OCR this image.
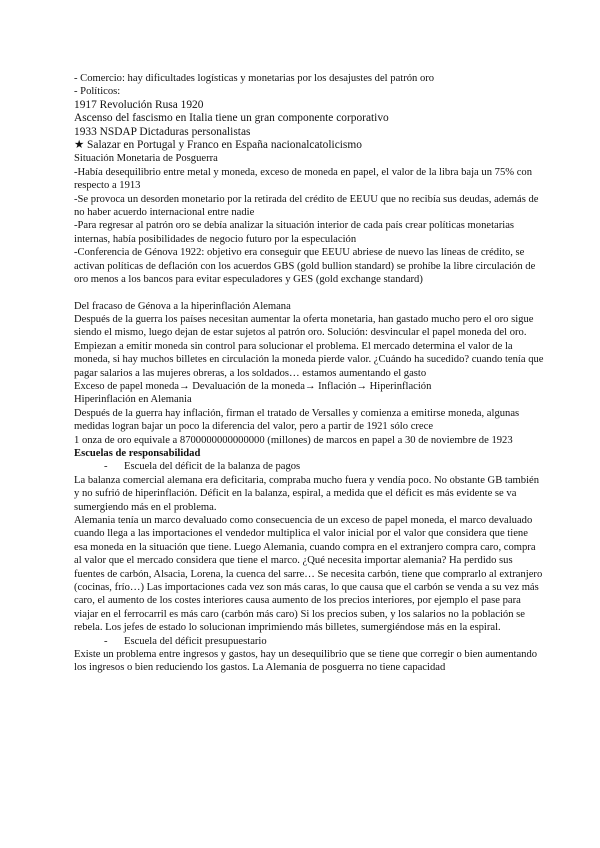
- Comercio: hay dificultades logísticas y monetarias por los desajustes del patrón oro

- Políticos:

1917 Revolución Rusa 1920

Ascenso del fascismo en Italia tiene un gran componente corporativo

1933 NSDAP Dictaduras personalistas

★ Salazar en Portugal y Franco en España nacionalcatolicismo

Situación Monetaria de Posguerra

-Había desequilibrio entre metal y moneda, exceso de moneda en papel, el valor de la libra baja un 75% con respecto a 1913

-Se provoca un desorden monetario por la retirada del crédito de EEUU que no recibía sus deudas, además de no haber acuerdo internacional entre nadie

-Para regresar al patrón oro se debía analizar la situación interior de cada país crear políticas monetarias internas, había posibilidades de negocio futuro por la especulación

-Conferencia de Génova 1922: objetivo era conseguir que EEUU abriese de nuevo las líneas de crédito, se activan políticas de deflación con los acuerdos GBS (gold bullion standard) se prohíbe la libre circulación de oro menos a los bancos para evitar especuladores y GES (gold exchange standard)

Del fracaso de Génova a la hiperinflación Alemana

Después de la guerra los países necesitan aumentar la oferta monetaria, han gastado mucho pero el oro sigue siendo el mismo, luego dejan de estar sujetos al patrón oro. Solución: desvincular el papel moneda del oro. Empiezan a emitir moneda sin control para solucionar el problema. El mercado determina el valor de la moneda, si hay muchos billetes en circulación la moneda pierde valor. ¿Cuándo ha sucedido? cuando tenía que pagar salarios a las mujeres obreras, a los soldados… estamos aumentando el gasto

Exceso de papel moneda→ Devaluación de la moneda→ Inflación→ Hiperinflación

Hiperinflación en Alemania

Después de la guerra hay inflación, firman el tratado de Versalles y comienza a emitirse moneda, algunas medidas logran bajar un poco la diferencia del valor, pero a partir de 1921 sólo crece

1 onza de oro equivale a 8700000000000000 (millones) de marcos en papel a 30 de noviembre de 1923

Escuelas de responsabilidad

-	Escuela del déficit de la balanza de pagos

La balanza comercial alemana era deficitaria, compraba mucho fuera y vendía poco. No obstante GB también y no sufrió de hiperinflación. Déficit en la balanza, espiral, a medida que el déficit es más evidente se va sumergiendo más en el problema.

Alemania tenía un marco devaluado como consecuencia de un exceso de papel moneda, el marco devaluado cuando llega a las importaciones el vendedor multiplica el valor inicial por el valor que considera que tiene esa moneda en la situación que tiene. Luego Alemania, cuando compra en el extranjero compra caro, compra al valor que el mercado considera que tiene el marco. ¿Qué necesita importar alemania? Ha perdido sus fuentes de carbón, Alsacia, Lorena, la cuenca del sarre… Se necesita carbón, tiene que comprarlo al extranjero (cocinas, frío…) Las importaciones cada vez son más caras, lo que causa que el carbón se venda a su vez más caro, el aumento de los costes interiores causa aumento de los precios interiores, por ejemplo el pase para viajar en el ferrocarril es más caro (carbón más caro) Si los precios suben, y los salarios no la población se rebela. Los jefes de estado lo solucionan imprimiendo más billetes, sumergiéndose más en la espiral.

-	Escuela del déficit presupuestario

Existe un problema entre ingresos y gastos, hay un desequilibrio que se tiene que corregir o bien aumentando los ingresos o bien reduciendo los gastos. La Alemania de posguerra no tiene capacidad
